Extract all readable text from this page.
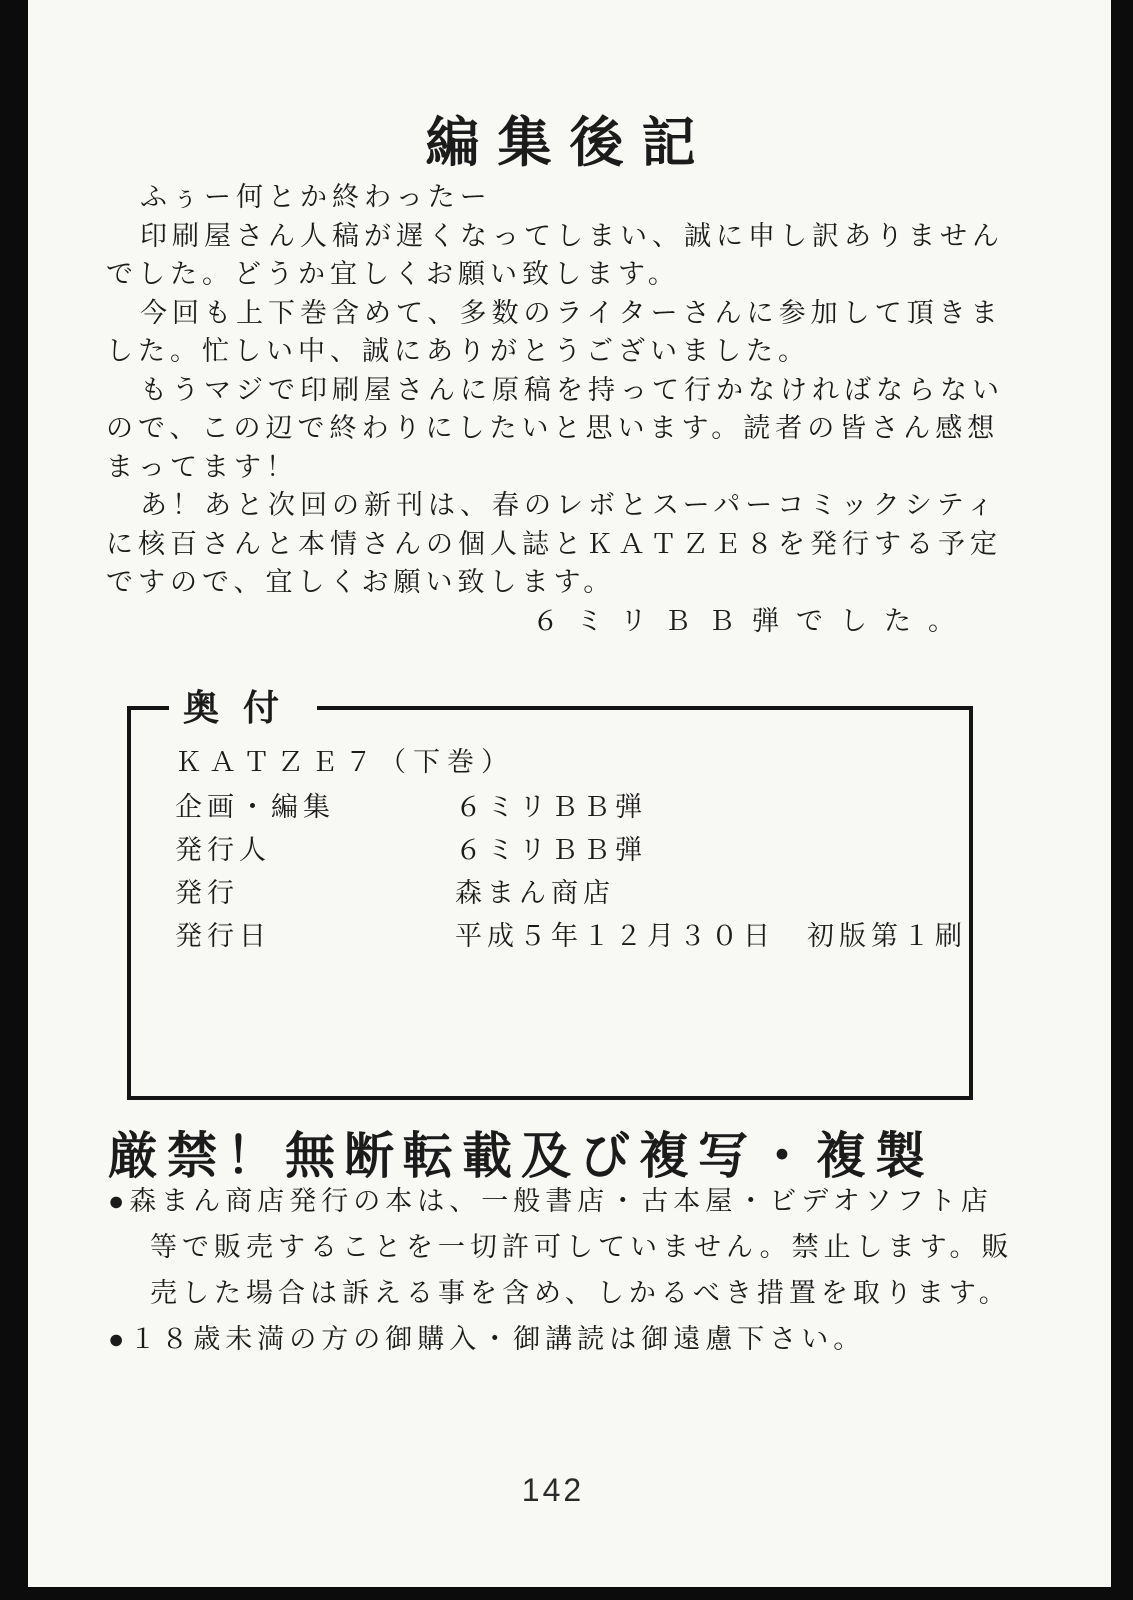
編集後記
ふぅー何とか終わったー
印刷屋さん人稿が遅くなってしまい、誠に申し訳ありません
でした。どうか宜しくお願い致します。
今回も上下巻含めて、多数のライターさんに参加して頂きま
した。忙しい中、誠にありがとうございました。
もうマジで印刷屋さんに原稿を持って行かなければならない
ので、この辺で終わりにしたいと思います。読者の皆さん感想
まってます！
あ！あと次回の新刊は、春のレボとスーパーコミックシティ
に核百さんと本情さんの個人誌とＫＡＴＺＥ８を発行する予定
ですので、宜しくお願い致します。
６ミリＢＢ弾でした。
奥付
ＫＡＴＺＥ７（下巻）
企画・編集	６ミリＢＢ弾
発行人	６ミリＢＢ弾
発行	森まん商店
発行日	平成５年１２月３０日　初版第１刷
厳禁！無断転載及び複写・複製
●森まん商店発行の本は、一般書店・古本屋・ビデオソフト店
等で販売することを一切許可していません。禁止します。販
売した場合は訴える事を含め、しかるべき措置を取ります。
●１８歳未満の方の御購入・御講読は御遠慮下さい。
142
